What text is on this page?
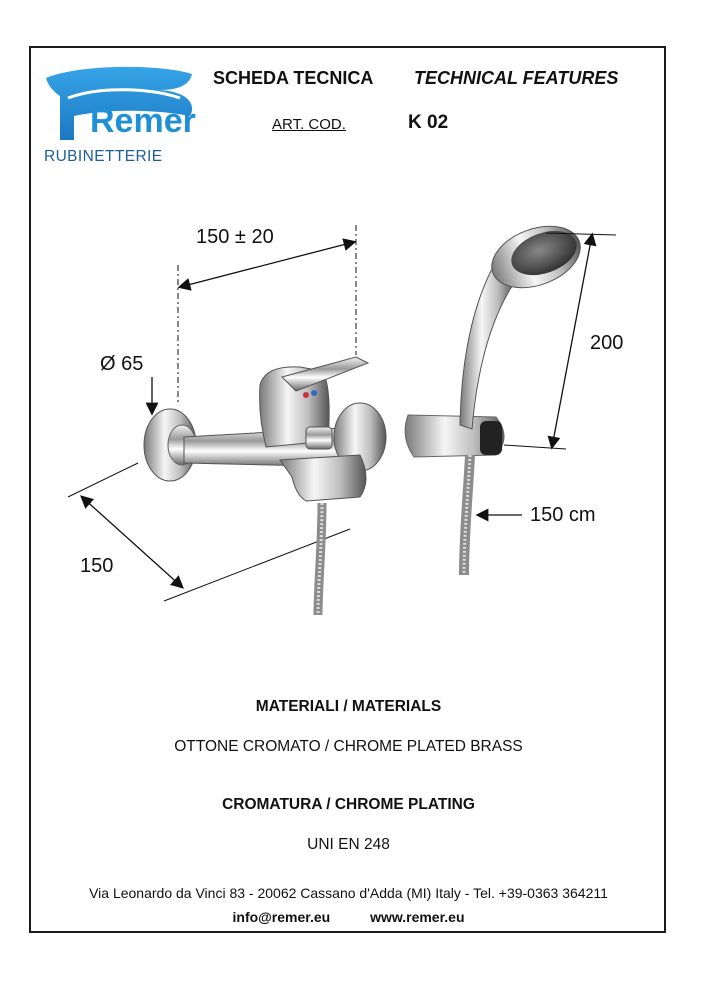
Remer
RUBINETTERIE
SCHEDA TECNICA TECHNICAL FEATURES
ART. COD.	K 02
150 ± 20
Ø 65
150
200
150 cm
MATERIALI / MATERIALS
OTTONE CROMATO / CHROME PLATED BRASS
CROMATURA / CHROME PLATING
UNI EN 248
Via Leonardo da Vinci 83 - 20062 Cassano d'Adda (MI) Italy - Tel. +39-0363 364211
info@remer.eu	www.remer.eu
